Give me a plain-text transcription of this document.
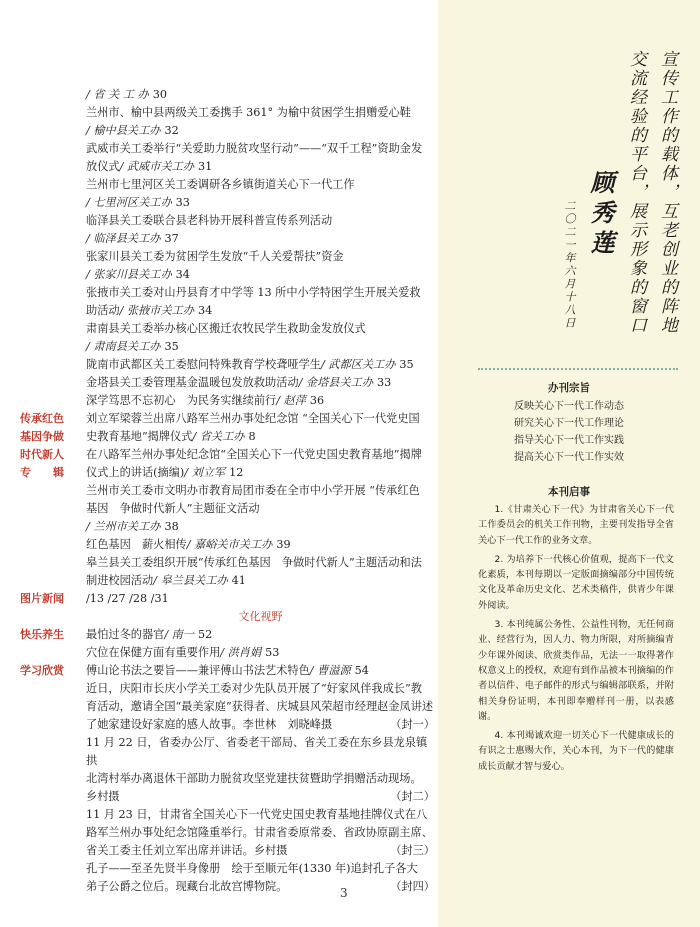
/ 省 关 工 办 30
兰州市、榆中县两级关工委携手 361° 为榆中贫困学生捐赠爱心鞋
/ 榆中县关工办 32
武威市关工委举行“关爱助力脱贫攻坚行动”——“双千工程”资助金发
放仪式/ 武威市关工办 31
兰州市七里河区关工委调研各乡镇街道关心下一代工作
/ 七里河区关工办 33
临泽县关工委联合县老科协开展科普宣传系列活动
/ 临泽县关工办 37
张家川县关工委为贫困学生发放“千人关爱帮扶”资金
/ 张家川县关工办 34
张掖市关工委对山丹县育才中学等 13 所中小学特困学生开展关爱救
助活动/ 张掖市关工办 34
肃南县关工委举办核心区搬迁农牧民学生救助金发放仪式
/ 肃南县关工办 35
陇南市武都区关工委慰问特殊教育学校聋哑学生/ 武都区关工办 35
金塔县关工委管理基金温暖包发放救助活动/ 金塔县关工办 33
深学笃思不忘初心　为民务实继续前行/ 赵萍 36
传承红色	刘立军梁蓉兰出席八路军兰州办事处纪念馆 “全国关心下一代党史国
基因争做	史教育基地”揭牌仪式/ 省关工办 8
时代新人	在八路军兰州办事处纪念馆“全国关心下一代党史国史教育基地”揭牌
专　　辑	仪式上的讲话(摘编)/ 刘立军 12
兰州市关工委市文明办市教育局团市委在全市中小学开展 “传承红色
基因　争做时代新人”主题征文活动
/ 兰州市关工办 38
红色基因　薪火相传/ 嘉峪关市关工办 39
皋兰县关工委组织开展“传承红色基因　争做时代新人”主题活动和法
制进校园活动/ 皋兰县关工办 41
图片新闻	/13 /27 /28 /31
文化视野
快乐养生	最怕过冬的器官/ 南一 52
穴位在保健方面有重要作用/ 洪肖娟 53
学习欣赏	傅山论书法之要旨——兼评傅山书法艺术特色/ 曹溢源 54
近日，庆阳市长庆小学关工委对少先队员开展了“好家风伴我成长”教
育活动，邀请全国“最美家庭”获得者、庆城县风荣超市经理赵金凤讲述
了她家建设好家庭的感人故事。李世林　刘晓峰摄	（封一）
11 月 22 日，省委办公厅、省委老干部局、省关工委在东乡县龙泉镇拱
北湾村举办离退休干部助力脱贫攻坚党建扶贫暨助学捐赠活动现场。
乡村摄	（封二）
11 月 23 日，甘肃省全国关心下一代党史国史教育基地挂牌仪式在八
路军兰州办事处纪念馆隆重举行。甘肃省委原常委、省政协原副主席、
省关工委主任刘立军出席并讲话。乡村摄	（封三）
孔子——至圣先贤半身像册　绘于至顺元年(1330 年)追封孔子各大
弟子公爵之位后。现藏台北故宫博物院。	（封四）
3
宣传工作的载体，互老创业的阵地
交流经验的平台，展示形象的窗口
顾秀莲
二〇二一年六月十八日
办刊宗旨
反映关心下一代工作动态
研究关心下一代工作理论
指导关心下一代工作实践
提高关心下一代工作实效
本刊启事

1.《甘肃关心下一代》为甘肃省关心下一代工作委员会的机关工作刊物，主要刊发指导全省关心下一代工作的业务文章。

2. 为培养下一代核心价值观，提高下一代文化素质，本刊每期以一定版面摘编部分中国传统文化及革命历史文化、艺术类稿件，供青少年课外阅读。

3. 本刊纯属公务性、公益性刊物，无任何商业、经营行为，因人力、物力所限，对所摘编青少年课外阅读、欣赏类作品，无法一一取得著作权意义上的授权，欢迎有到作品被本刊摘编的作者以信件、电子邮件的形式与编辑部联系，并附相关身份证明，本刊即奉赠样刊一册，以表感谢。

4. 本刊竭诚欢迎一切关心下一代健康成长的有识之士惠赐大作，关心本刊，为下一代的健康成长贡献才智与爱心。
